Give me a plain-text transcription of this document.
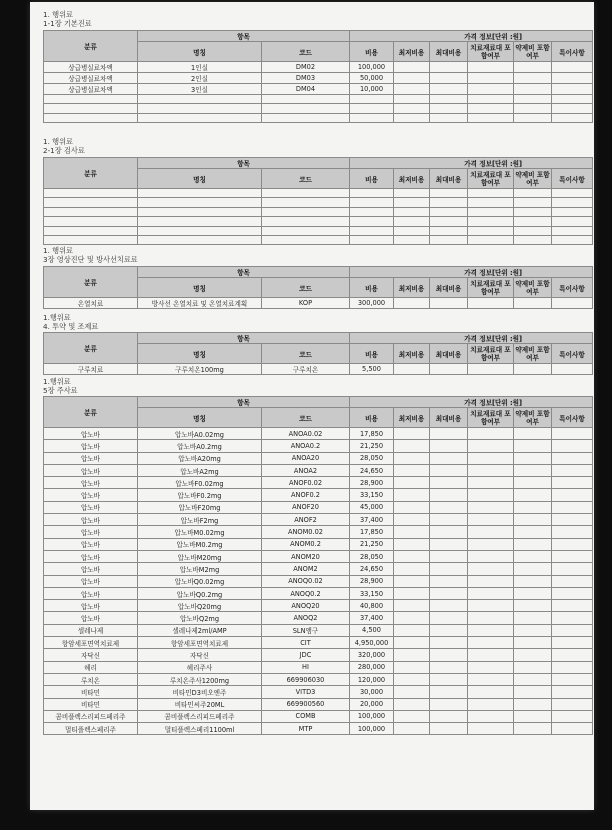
1. 행위료
1-1장 기본진료
분류	항목		가격 정보[단위 :원]					
	명칭	코드	비용	최저비용	최대비용	치료재료대 포함여부	약제비 포함여부	특이사항
상급병실료차액	1인실	DM02	100,000					
상급병실료차액	2인실	DM03	50,000					
상급병실료차액	3인실	DM04	10,000					

1. 행위료
2-1장 검사료
분류	항목		가격 정보[단위 :원]					
	명칭	코드	비용	최저비용	최대비용	치료재료대 포함여부	약제비 포함여부	특이사항

1. 행위료
3장 영상진단 및 방사선치료료
분류	항목		가격 정보[단위 :원]					
	명칭	코드	비용	최저비용	최대비용	치료재료대 포함여부	약제비 포함여부	특이사항
온열치료	방사선 온열치료 및 온열치료계획	KOP	300,000					
1.행위료
4. 투약 및 조제료
분류	항목		가격 정보[단위 :원]					
	명칭	코드	비용	최저비용	최대비용	치료재료대 포함여부	약제비 포함여부	특이사항
구루치료	구루치온100mg	구루치온	5,500					
1.행위료
5장 주사료
분류	항목		가격 정보[단위 :원]					
	명칭	코드	비용	최저비용	최대비용	치료재료대 포함여부	약제비 포함여부	특이사항
압노바	압노바A0.02mg	ANOA0.02	17,850					
압노바	압노바A0.2mg	ANOA0.2	21,250					
압노바	압노바A20mg	ANOA20	28,050					
압노바	압노바A2mg	ANOA2	24,650					
압노바	압노바F0.02mg	ANOF0.02	28,900					
압노바	압노바F0.2mg	ANOF0.2	33,150					
압노바	압노바F20mg	ANOF20	45,000					
압노바	압노바F2mg	ANOF2	37,400					
압노바	압노바M0.02mg	ANOM0.02	17,850					
압노바	압노바M0.2mg	ANOM0.2	21,250					
압노바	압노바M20mg	ANOM20	28,050					
압노바	압노바M2mg	ANOM2	24,650					
압노바	압노바Q0.02mg	ANOQ0.02	28,900					
압노바	압노바Q0.2mg	ANOQ0.2	33,150					
압노바	압노바Q20mg	ANOQ20	40,800					
압노바	압노바Q2mg	ANOQ2	37,400					
셀레나제	셀레나제2ml/AMP	SLN앰구	4,500					
항암세포면역치료제	항암세포면역치료제	CIT	4,950,000					
자닥신	자닥신	JDC	320,000					
헤리	헤리주사	HI	280,000					
루치온	루치온주사1200mg	669906030	120,000					
비타민	비타민D3비오엔주	VITD3	30,000					
비타민	비타민씨주20ML	669900560	20,000					
콤비플렉스리피드페리주	콤비플렉스리피드페리주	COMB	100,000					
멀티플렉스페리주	멀티플렉스페리1100ml	MTP	100,000					
